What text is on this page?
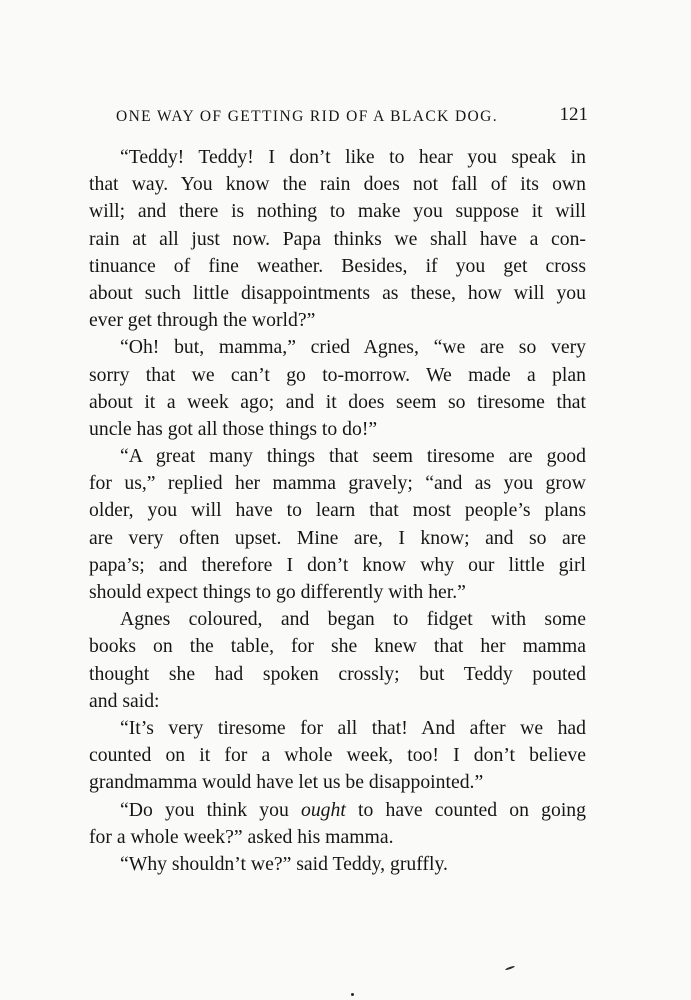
ONE WAY OF GETTING RID OF A BLACK DOG.	121

“Teddy! Teddy! I don’t like to hear you speak in
that way. You know the rain does not fall of its own
will; and there is nothing to make you suppose it will
rain at all just now. Papa thinks we shall have a con-
tinuance of fine weather. Besides, if you get cross
about such little disappointments as these, how will you
ever get through the world?”

“Oh! but, mamma,” cried Agnes, “we are so very
sorry that we can’t go to-morrow. We made a plan
about it a week ago; and it does seem so tiresome that
uncle has got all those things to do!”

“A great many things that seem tiresome are good
for us,” replied her mamma gravely; “and as you grow
older, you will have to learn that most people’s plans
are very often upset. Mine are, I know; and so are
papa’s; and therefore I don’t know why our little girl
should expect things to go differently with her.”

Agnes coloured, and began to fidget with some
books on the table, for she knew that her mamma
thought she had spoken crossly; but Teddy pouted
and said:

“It’s very tiresome for all that! And after we had
counted on it for a whole week, too! I don’t believe
grandmamma would have let us be disappointed.”

“Do you think you ought to have counted on going
for a whole week?” asked his mamma.

“Why shouldn’t we?” said Teddy, gruffly.
